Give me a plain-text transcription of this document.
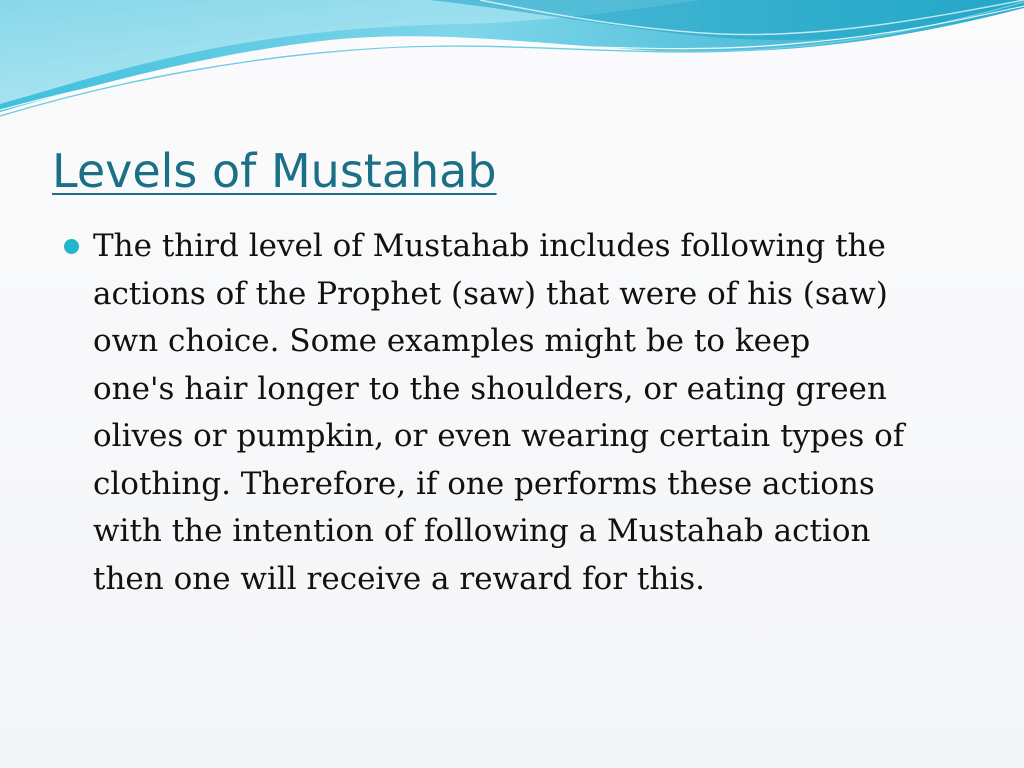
Levels of Mustahab
The third level of Mustahab includes following the
actions of the Prophet (saw) that were of his (saw)
own choice. Some examples might be to keep
one's hair longer to the shoulders, or eating green
olives or pumpkin, or even wearing certain types of
clothing. Therefore, if one performs these actions
with the intention of following a Mustahab action
then one will receive a reward for this.
